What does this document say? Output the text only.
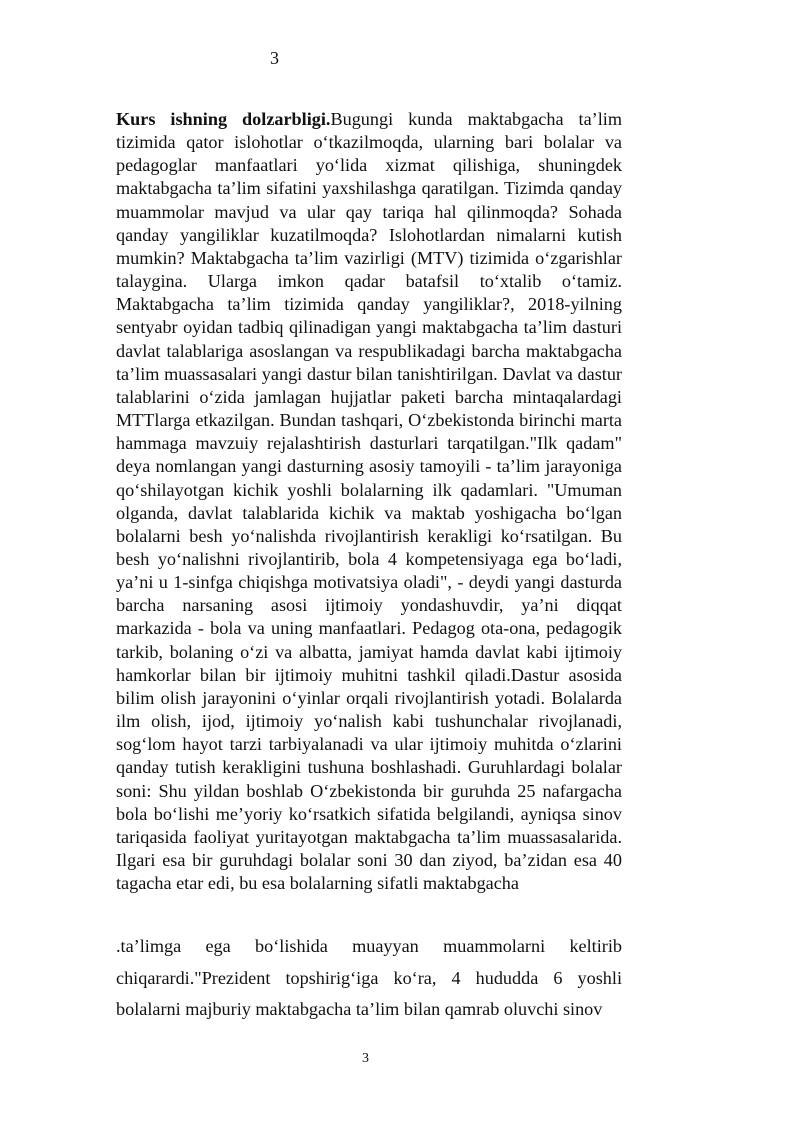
3
Kurs ishning dolzarbligi.Bugungi kunda maktabgacha ta’lim tizimida qator islohotlar o‘tkazilmoqda, ularning bari bolalar va pedagoglar manfaatlari yo‘lida xizmat qilishiga, shuningdek maktabgacha ta’lim sifatini yaxshilashga qaratilgan. Tizimda qanday muammolar mavjud va ular qay tariqa hal qilinmoqda? Sohada qanday yangiliklar kuzatilmoqda? Islohotlardan nimalarni kutish mumkin? Maktabgacha ta’lim vazirligi (MTV) tizimida o‘zgarishlar talaygina. Ularga imkon qadar batafsil to‘xtalib o‘tamiz. Maktabgacha ta’lim tizimida qanday yangiliklar?, 2018-yilning sentyabr oyidan tadbiq qilinadigan yangi maktabgacha ta’lim dasturi davlat talablariga asoslangan va respublikadagi barcha maktabgacha ta’lim muassasalari yangi dastur bilan tanishtirilgan. Davlat va dastur talablarini o‘zida jamlagan hujjatlar paketi barcha mintaqalardagi MTTlarga etkazilgan. Bundan tashqari, O‘zbekistonda birinchi marta hammaga mavzuiy rejalashtirish dasturlari tarqatilgan."Ilk qadam" deya nomlangan yangi dasturning asosiy tamoyili - ta’lim jarayoniga qo‘shilayotgan kichik yoshli bolalarning ilk qadamlari. "Umuman olganda, davlat talablarida kichik va maktab yoshigacha bo‘lgan bolalarni besh yo‘nalishda rivojlantirish kerakligi ko‘rsatilgan. Bu besh yo‘nalishni rivojlantirib, bola 4 kompetensiyaga ega bo‘ladi, ya’ni u 1-sinfga chiqishga motivatsiya oladi", - deydi yangi dasturda barcha narsaning asosi ijtimoiy yondashuvdir, ya’ni diqqat markazida - bola va uning manfaatlari. Pedagog ota-ona, pedagogik tarkib, bolaning o‘zi va albatta, jamiyat hamda davlat kabi ijtimoiy hamkorlar bilan bir ijtimoiy muhitni tashkil qiladi.Dastur asosida bilim olish jarayonini o‘yinlar orqali rivojlantirish yotadi. Bolalarda ilm olish, ijod, ijtimoiy yo‘nalish kabi tushunchalar rivojlanadi, sog‘lom hayot tarzi tarbiyalanadi va ular ijtimoiy muhitda o‘zlarini qanday tutish kerakligini tushuna boshlashadi. Guruhlardagi bolalar soni: Shu yildan boshlab O‘zbekistonda bir guruhda 25 nafargacha bola bo‘lishi me’yoriy ko‘rsatkich sifatida belgilandi, ayniqsa sinov tariqasida faoliyat yuritayotgan maktabgacha ta’lim muassasalarida. Ilgari esa bir guruhdagi bolalar soni 30 dan ziyod, ba’zidan esa 40 tagacha etar edi, bu esa bolalarning sifatli maktabgacha
.ta’limga ega bo‘lishida muayyan muammolarni keltirib chiqarardi."Prezident topshirig‘iga ko‘ra, 4 hududda 6 yoshli bolalarni majburiy maktabgacha ta’lim bilan qamrab oluvchi sinov
3
